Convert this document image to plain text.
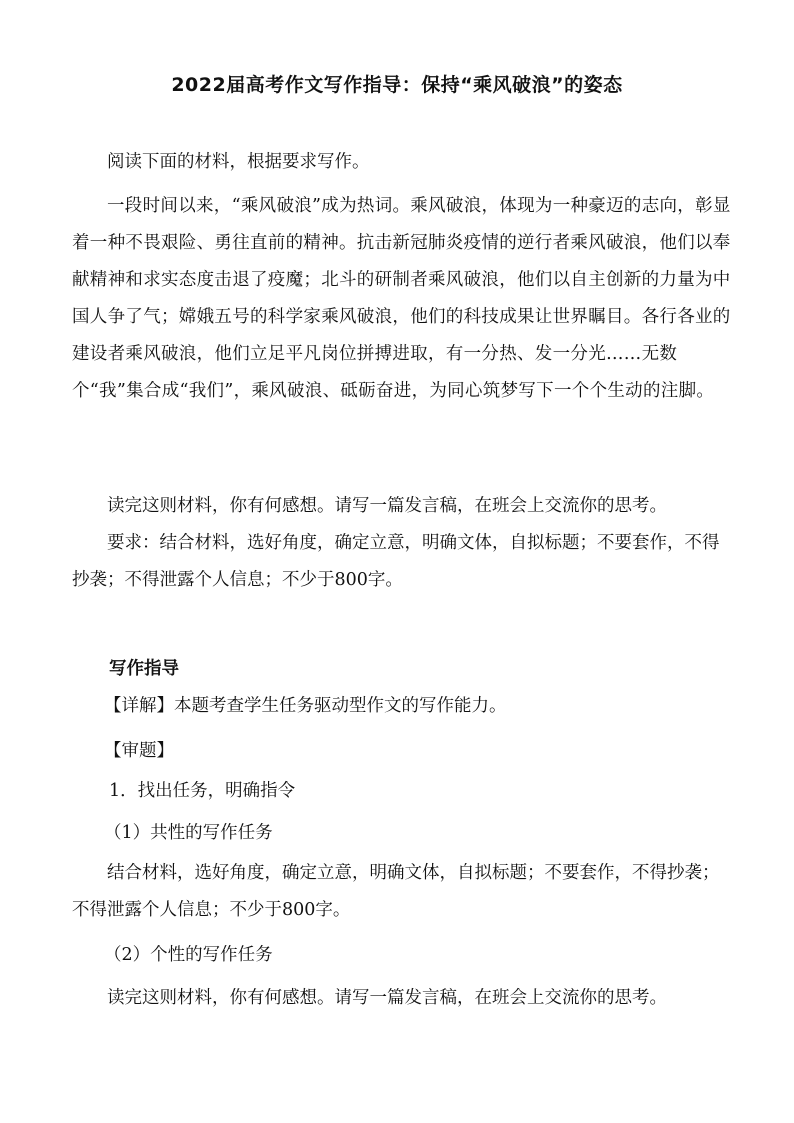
2022届高考作文写作指导：保持“乘风破浪”的姿态

阅读下面的材料，根据要求写作。

一段时间以来，“乘风破浪”成为热词。乘风破浪，体现为一种豪迈的志向，彰显着一种不畏艰险、勇往直前的精神。抗击新冠肺炎疫情的逆行者乘风破浪，他们以奉献精神和求实态度击退了疫魔；北斗的研制者乘风破浪，他们以自主创新的力量为中国人争了气；嫦娥五号的科学家乘风破浪，他们的科技成果让世界瞩目。各行各业的建设者乘风破浪，他们立足平凡岗位拼搏进取，有一分热、发一分光……无数个“我”集合成“我们”，乘风破浪、砥砺奋进，为同心筑梦写下一个个生动的注脚。

读完这则材料，你有何感想。请写一篇发言稿，在班会上交流你的思考。

要求：结合材料，选好角度，确定立意，明确文体，自拟标题；不要套作，不得抄袭；不得泄露个人信息；不少于800字。

写作指导

【详解】本题考查学生任务驱动型作文的写作能力。

【审题】

1．找出任务，明确指令

（1）共性的写作任务

结合材料，选好角度，确定立意，明确文体，自拟标题；不要套作，不得抄袭；不得泄露个人信息；不少于800字。

（2）个性的写作任务

读完这则材料，你有何感想。请写一篇发言稿，在班会上交流你的思考。
